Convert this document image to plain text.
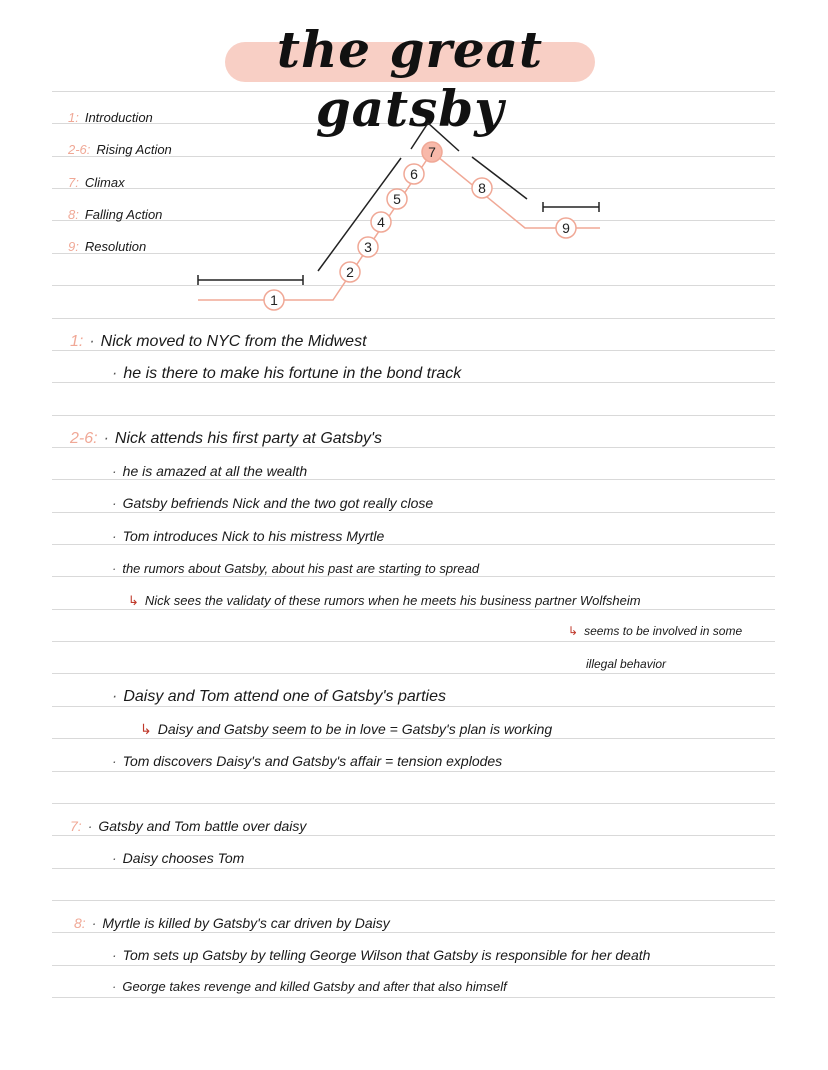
the great gatsby
1
2
3
4
5
6
7
8
9
1: Introduction
2-6: Rising Action
7: Climax
8: Falling Action
9: Resolution
1: · Nick moved to NYC from the Midwest
· he is there to make his fortune in the bond track
2-6: · Nick attends his first party at Gatsby's
· he is amazed at all the wealth
· Gatsby befriends Nick and the two got really close
· Tom introduces Nick to his mistress Myrtle
· the rumors about Gatsby, about his past are starting to spread
↳ Nick sees the validaty of these rumors when he meets his business partner Wolfsheim
↳ seems to be involved in some
illegal behavior
· Daisy and Tom attend one of Gatsby's parties
↳ Daisy and Gatsby seem to be in love = Gatsby's plan is working
· Tom discovers Daisy's and Gatsby's affair = tension explodes
7: · Gatsby and Tom battle over daisy
· Daisy chooses Tom
8: · Myrtle is killed by Gatsby's car driven by Daisy
· Tom sets up Gatsby by telling George Wilson that Gatsby is responsible for her death
· George takes revenge and killed Gatsby and after that also himself
